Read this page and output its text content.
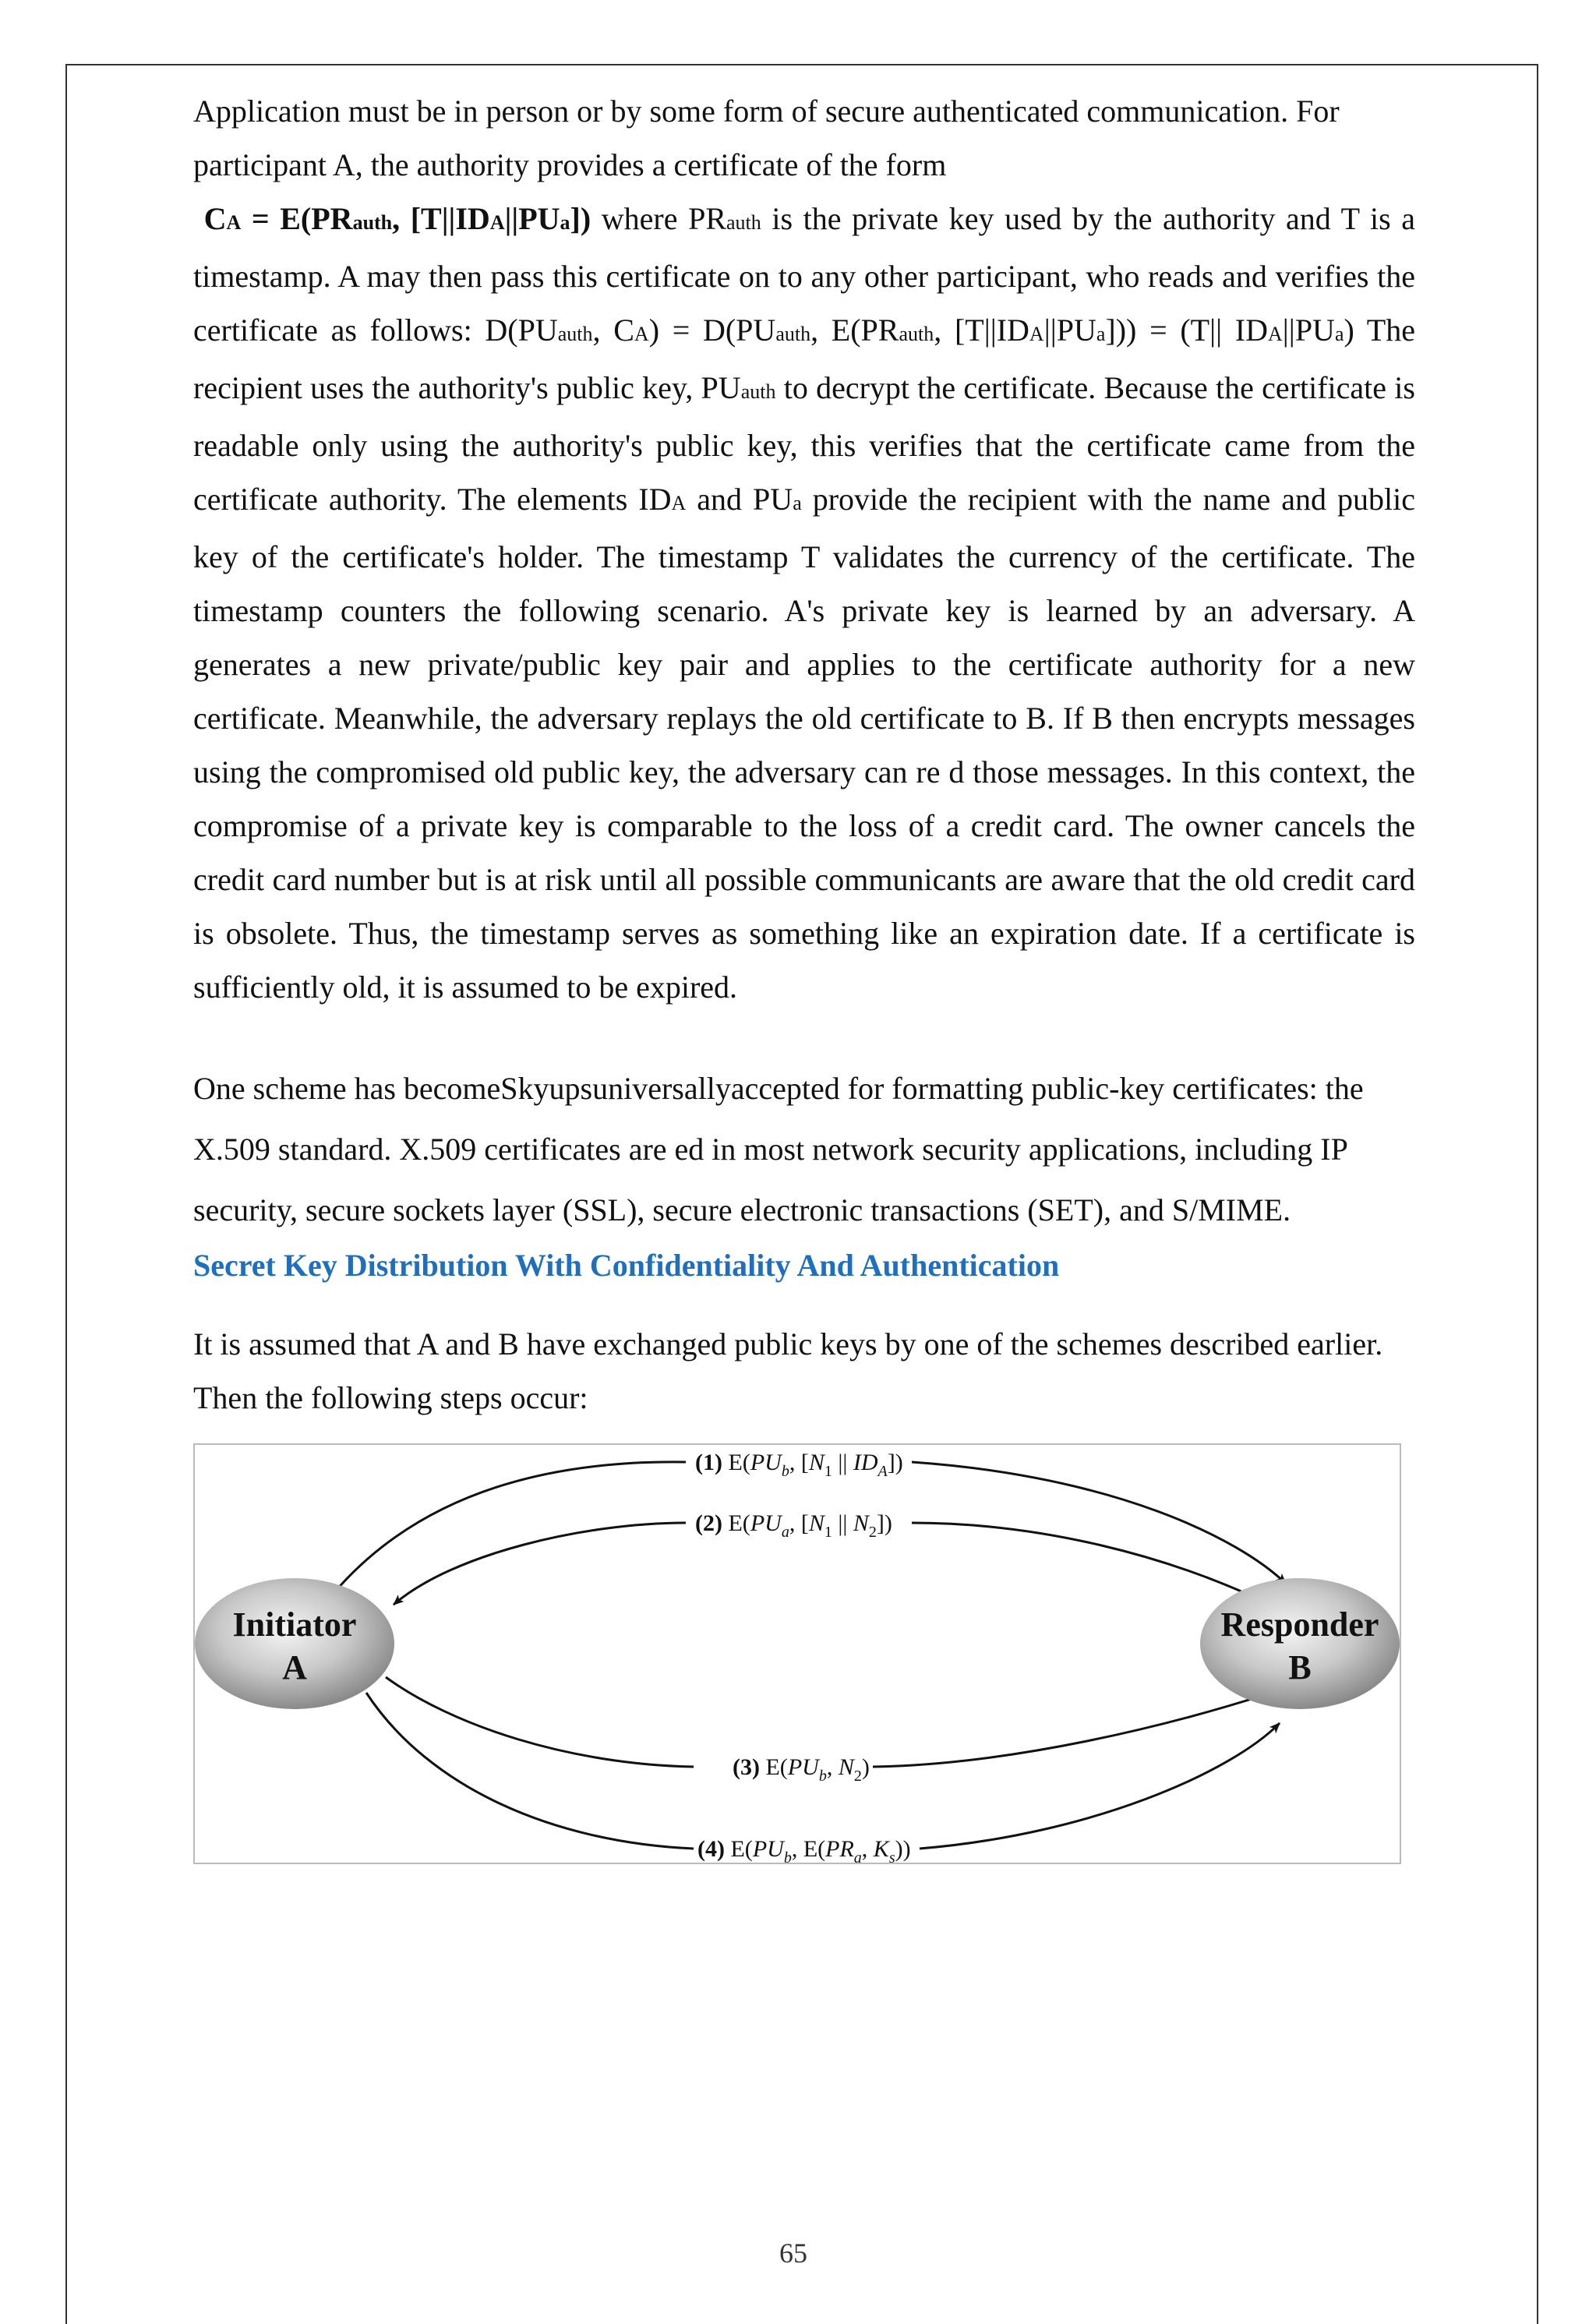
Application must be in person or by some form of secure authenticated communication. For

participant A, the authority provides a certificate of the form

CA = E(PRauth, [T||IDA||PUa]) where PRauth is the private key used by the authority and T is a timestamp. A may then pass this certificate on to any other participant, who reads and verifies the certificate as follows: D(PUauth, CA) = D(PUauth, E(PRauth, [T||IDA||PUa])) = (T|| IDA||PUa) The recipient uses the authority's public key, PUauth to decrypt the certificate. Because the certificate is readable only using the authority's public key, this verifies that the certificate came from the certificate authority. The elements IDA and PUa provide the recipient with the name and public key of the certificate's holder. The timestamp T validates the currency of the certificate. The timestamp counters the following scenario. A's private key is learned by an adversary. A generates a new private/public key pair and applies to the certificate authority for a new certificate. Meanwhile, the adversary replays the old certificate to B. If B then encrypts messages using the compromised old public key, the adversary can re d those messages. In this context, the compromise of a private key is comparable to the loss of a credit card. The owner cancels the credit card number but is at risk until all possible communicants are aware that the old credit card is obsolete. Thus, the timestamp serves as something like an expiration date. If a certificate is sufficiently old, it is assumed to be expired.

One scheme has becomeSkyupsuniversallyaccepted for formatting public-key certificates: the

X.509 standard. X.509 certificates are ed in most network security applications, including IP

security, secure sockets layer (SSL), secure electronic transactions (SET), and S/MIME.

Secret Key Distribution With Confidentiality And Authentication

It is assumed that A and B have exchanged public keys by one of the schemes described earlier.

Then the following steps occur:

Initiator
A
Responder
B
(1) $E(PU_b$, [$N_1$ || $ID_A$])
(2) $E(PU_a$, [$N_1$ || $N_2$])
(3) $E(PU_b$, $N_2$)
(4) $E(PU_b$, $E(PR_a$, $K_s$))
65
